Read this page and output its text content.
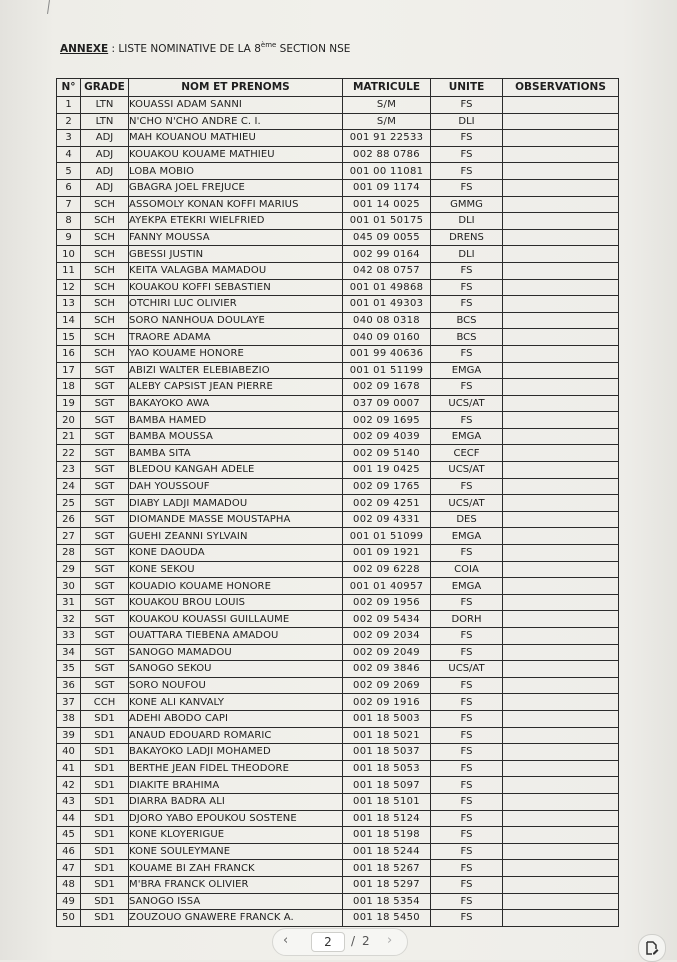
ANNEXE : LISTE NOMINATIVE DE LA 8ème SECTION NSE
N°	GRADE	NOM ET PRENOMS	MATRICULE	UNITE	OBSERVATIONS
1	LTN	KOUASSI ADAM SANNI	S/M	FS	
2	LTN	N'CHO N'CHO ANDRE C. I.	S/M	DLI	
3	ADJ	MAH KOUANOU MATHIEU	001 91 22533	FS	
4	ADJ	KOUAKOU KOUAME MATHIEU	002 88 0786	FS	
5	ADJ	LOBA MOBIO	001 00 11081	FS	
6	ADJ	GBAGRA JOEL FREJUCE	001 09 1174	FS	
7	SCH	ASSOMOLY KONAN KOFFI MARIUS	001 14 0025	GMMG	
8	SCH	AYEKPA ETEKRI WIELFRIED	001 01 50175	DLI	
9	SCH	FANNY MOUSSA	045 09 0055	DRENS	
10	SCH	GBESSI JUSTIN	002 99 0164	DLI	
11	SCH	KEITA VALAGBA MAMADOU	042 08 0757	FS	
12	SCH	KOUAKOU KOFFI SEBASTIEN	001 01 49868	FS	
13	SCH	OTCHIRI LUC OLIVIER	001 01 49303	FS	
14	SCH	SORO NANHOUA DOULAYE	040 08 0318	BCS	
15	SCH	TRAORE ADAMA	040 09 0160	BCS	
16	SCH	YAO KOUAME HONORE	001 99 40636	FS	
17	SGT	ABIZI WALTER ELEBIABEZIO	001 01 51199	EMGA	
18	SGT	ALEBY CAPSIST JEAN PIERRE	002 09 1678	FS	
19	SGT	BAKAYOKO AWA	037 09 0007	UCS/AT	
20	SGT	BAMBA HAMED	002 09 1695	FS	
21	SGT	BAMBA MOUSSA	002 09 4039	EMGA	
22	SGT	BAMBA SITA	002 09 5140	CECF	
23	SGT	BLEDOU KANGAH ADELE	001 19 0425	UCS/AT	
24	SGT	DAH YOUSSOUF	002 09 1765	FS	
25	SGT	DIABY LADJI MAMADOU	002 09 4251	UCS/AT	
26	SGT	DIOMANDE MASSE MOUSTAPHA	002 09 4331	DES	
27	SGT	GUEHI ZEANNI SYLVAIN	001 01 51099	EMGA	
28	SGT	KONE DAOUDA	001 09 1921	FS	
29	SGT	KONE SEKOU	002 09 6228	COIA	
30	SGT	KOUADIO KOUAME HONORE	001 01 40957	EMGA	
31	SGT	KOUAKOU BROU LOUIS	002 09 1956	FS	
32	SGT	KOUAKOU KOUASSI GUILLAUME	002 09 5434	DORH	
33	SGT	OUATTARA TIEBENA AMADOU	002 09 2034	FS	
34	SGT	SANOGO MAMADOU	002 09 2049	FS	
35	SGT	SANOGO SEKOU	002 09 3846	UCS/AT	
36	SGT	SORO NOUFOU	002 09 2069	FS	
37	CCH	KONE ALI KANVALY	002 09 1916	FS	
38	SD1	ADEHI ABODO CAPI	001 18 5003	FS	
39	SD1	ANAUD EDOUARD ROMARIC	001 18 5021	FS	
40	SD1	BAKAYOKO LADJI MOHAMED	001 18 5037	FS	
41	SD1	BERTHE JEAN FIDEL THEODORE	001 18 5053	FS	
42	SD1	DIAKITE BRAHIMA	001 18 5097	FS	
43	SD1	DIARRA BADRA ALI	001 18 5101	FS	
44	SD1	DJORO YABO EPOUKOU SOSTENE	001 18 5124	FS	
45	SD1	KONE KLOYERIGUE	001 18 5198	FS	
46	SD1	KONE SOULEYMANE	001 18 5244	FS	
47	SD1	KOUAME BI ZAH FRANCK	001 18 5267	FS	
48	SD1	M'BRA FRANCK OLIVIER	001 18 5297	FS	
49	SD1	SANOGO ISSA	001 18 5354	FS	
50	SD1	ZOUZOUO GNAWERE FRANCK A.	001 18 5450	FS	
‹	2	/ 2 ›
